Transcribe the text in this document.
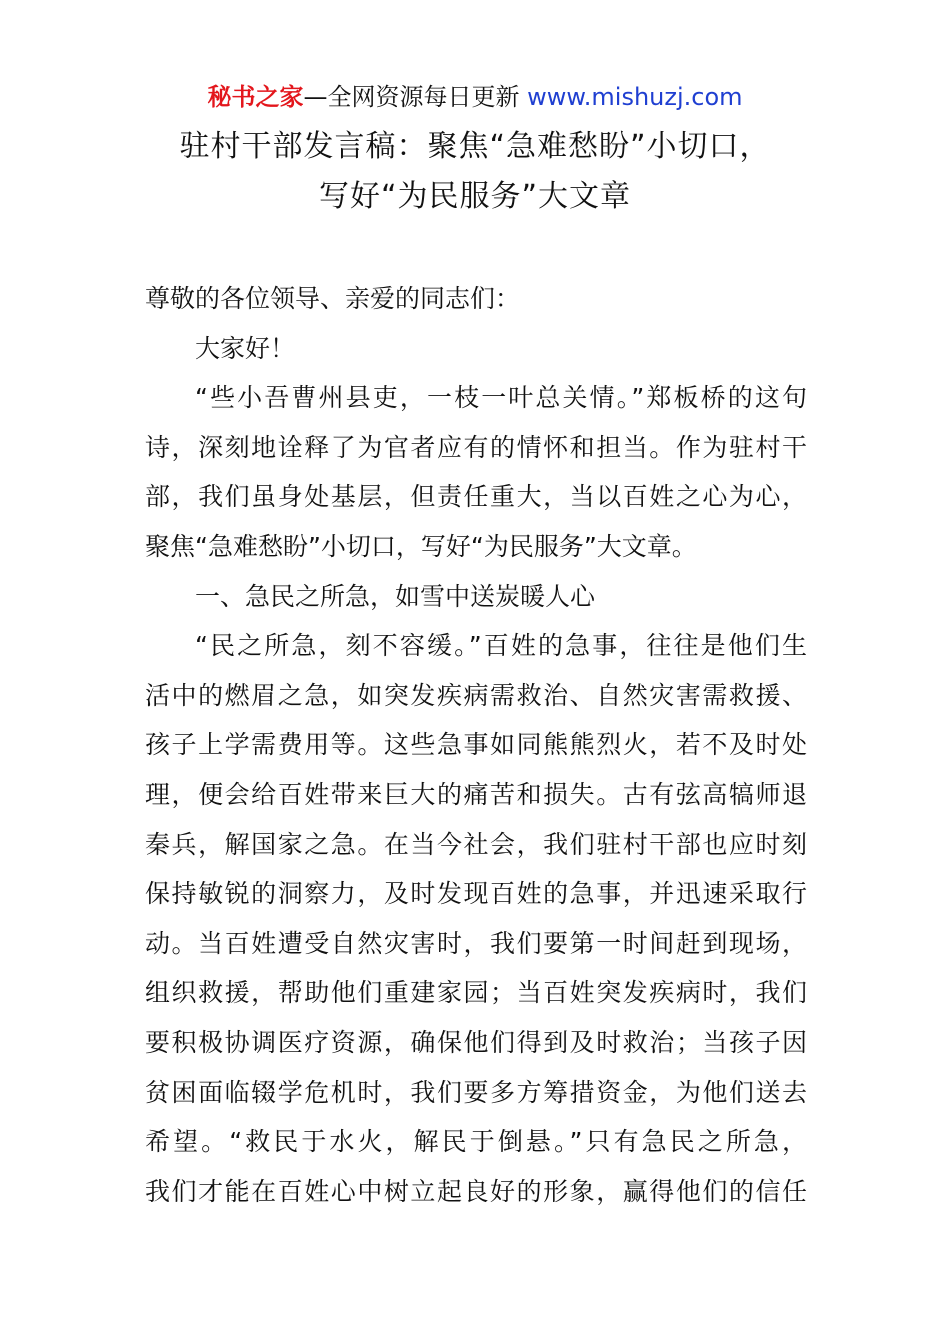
秘书之家—全网资源每日更新 www.mishuzj.com
驻村干部发言稿：聚焦“急难愁盼”小切口，
写好“为民服务”大文章
尊敬的各位领导、亲爱的同志们：
大家好！
“些小吾曹州县吏，一枝一叶总关情。”郑板桥的这句
诗，深刻地诠释了为官者应有的情怀和担当。作为驻村干
部，我们虽身处基层，但责任重大，当以百姓之心为心，
聚焦“急难愁盼”小切口，写好“为民服务”大文章。
一、急民之所急，如雪中送炭暖人心
“民之所急，刻不容缓。”百姓的急事，往往是他们生
活中的燃眉之急，如突发疾病需救治、自然灾害需救援、
孩子上学需费用等。这些急事如同熊熊烈火，若不及时处
理，便会给百姓带来巨大的痛苦和损失。古有弦高犒师退
秦兵，解国家之急。在当今社会，我们驻村干部也应时刻
保持敏锐的洞察力，及时发现百姓的急事，并迅速采取行
动。当百姓遭受自然灾害时，我们要第一时间赶到现场，
组织救援，帮助他们重建家园；当百姓突发疾病时，我们
要积极协调医疗资源，确保他们得到及时救治；当孩子因
贫困面临辍学危机时，我们要多方筹措资金，为他们送去
希望。“救民于水火，解民于倒悬。”只有急民之所急，
我们才能在百姓心中树立起良好的形象，赢得他们的信任
